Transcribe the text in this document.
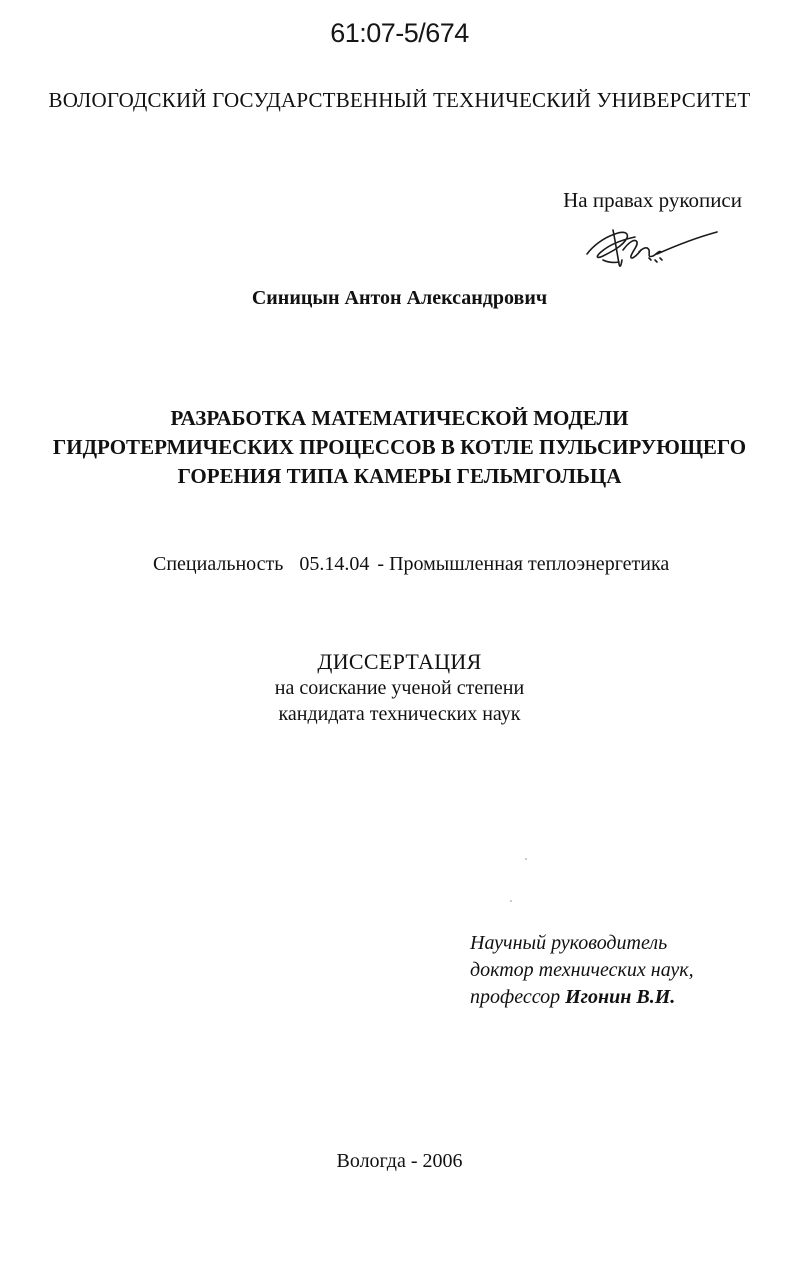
61:07-5/674
ВОЛОГОДСКИЙ ГОСУДАРСТВЕННЫЙ ТЕХНИЧЕСКИЙ УНИВЕРСИТЕТ
На правах рукописи
Синицын Антон Александрович
РАЗРАБОТКА МАТЕМАТИЧЕСКОЙ МОДЕЛИ
ГИДРОТЕРМИЧЕСКИХ ПРОЦЕССОВ В КОТЛЕ ПУЛЬСИРУЮЩЕГО
ГОРЕНИЯ ТИПА КАМЕРЫ ГЕЛЬМГОЛЬЦА
Специальность 05.14.04 - Промышленная теплоэнергетика
ДИССЕРТАЦИЯ
на соискание ученой степени
кандидата технических наук
Научный руководитель
доктор технических наук,
профессор Игонин В.И.
Вологда - 2006
